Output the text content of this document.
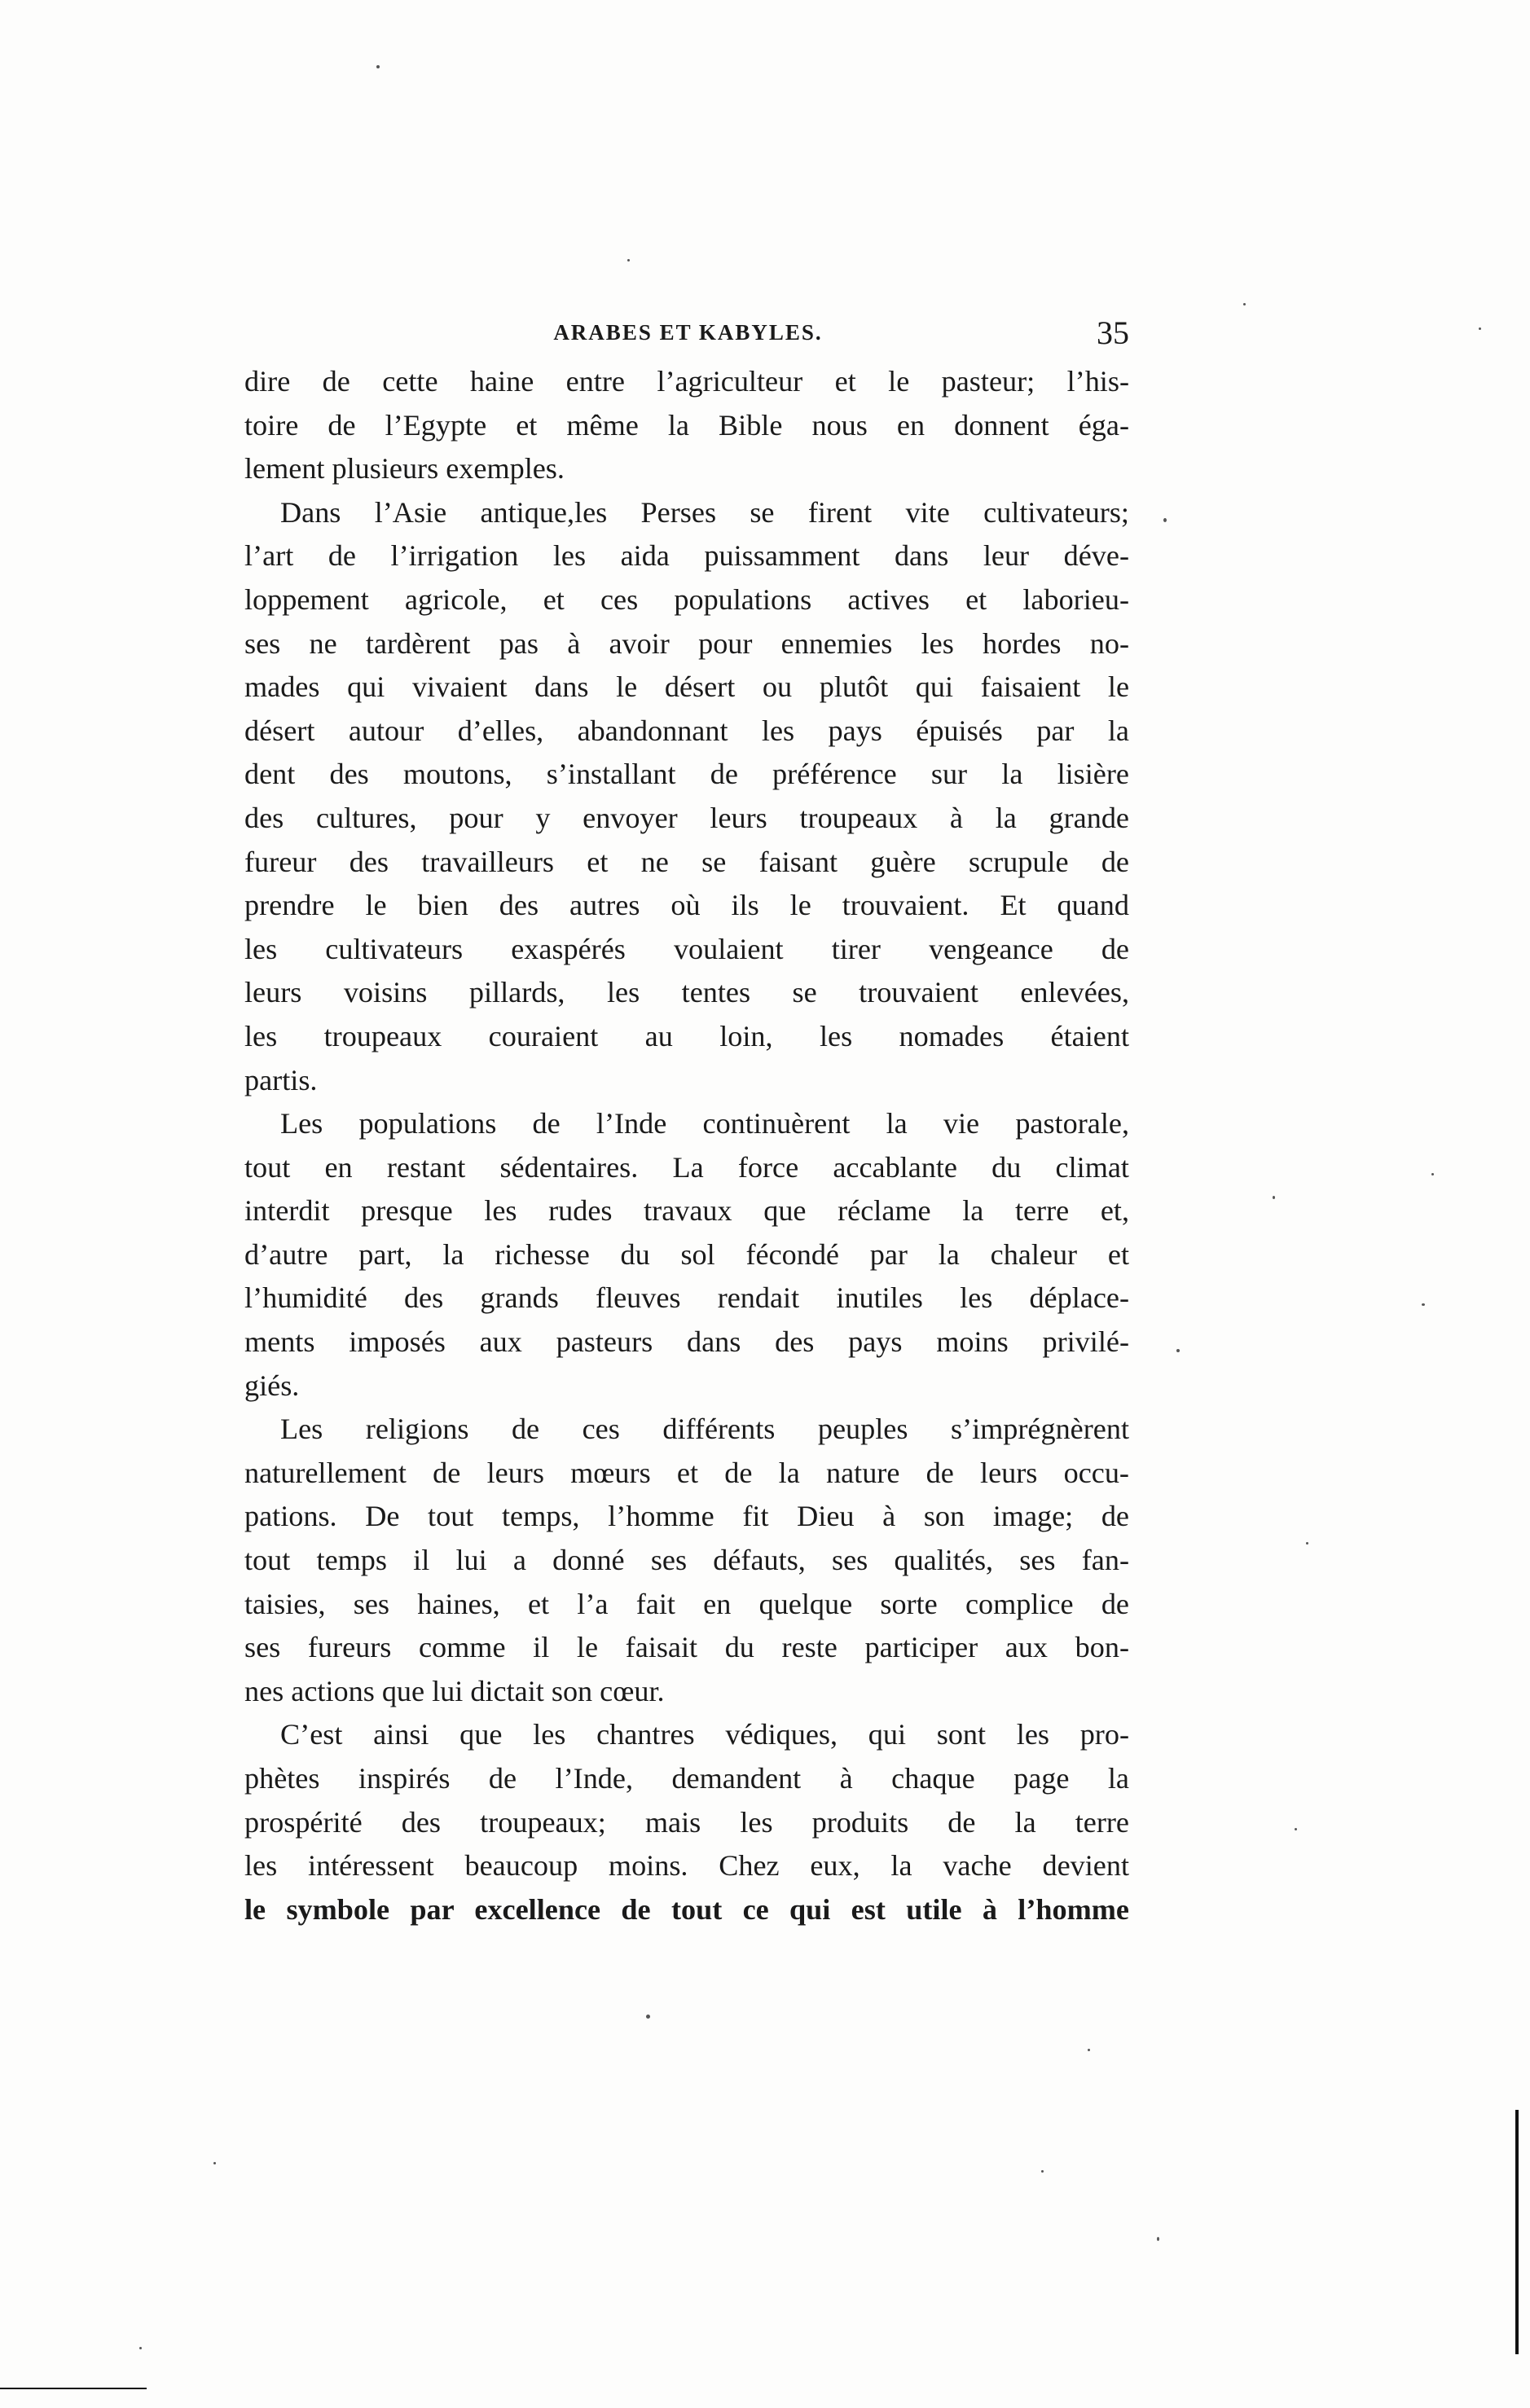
ARABES ET KABYLES.	35
dire de cette haine entre l’agriculteur et le pasteur; l’his-
toire de l’Egypte et même la Bible nous en donnent éga-
lement plusieurs exemples.
Dans l’Asie antique,les Perses se firent vite cultivateurs;
l’art de l’irrigation les aida puissamment dans leur déve-
loppement agricole, et ces populations actives et laborieu-
ses ne tardèrent pas à avoir pour ennemies les hordes no-
mades qui vivaient dans le désert ou plutôt qui faisaient le
désert autour d’elles, abandonnant les pays épuisés par la
dent des moutons, s’installant de préférence sur la lisière
des cultures, pour y envoyer leurs troupeaux à la grande
fureur des travailleurs et ne se faisant guère scrupule de
prendre le bien des autres où ils le trouvaient. Et quand
les cultivateurs exaspérés voulaient tirer vengeance de
leurs voisins pillards, les tentes se trouvaient enlevées,
les troupeaux couraient au loin, les nomades étaient
partis.
Les populations de l’Inde continuèrent la vie pastorale,
tout en restant sédentaires. La force accablante du climat
interdit presque les rudes travaux que réclame la terre et,
d’autre part, la richesse du sol fécondé par la chaleur et
l’humidité des grands fleuves rendait inutiles les déplace-
ments imposés aux pasteurs dans des pays moins privilé-
giés.
Les religions de ces différents peuples s’imprégnèrent
naturellement de leurs mœurs et de la nature de leurs occu-
pations. De tout temps, l’homme fit Dieu à son image; de
tout temps il lui a donné ses défauts, ses qualités, ses fan-
taisies, ses haines, et l’a fait en quelque sorte complice de
ses fureurs comme il le faisait du reste participer aux bon-
nes actions que lui dictait son cœur.
C’est ainsi que les chantres védiques, qui sont les pro-
phètes inspirés de l’Inde, demandent à chaque page la
prospérité des troupeaux; mais les produits de la terre
les intéressent beaucoup moins. Chez eux, la vache devient
le symbole par excellence de tout ce qui est utile à l’homme
